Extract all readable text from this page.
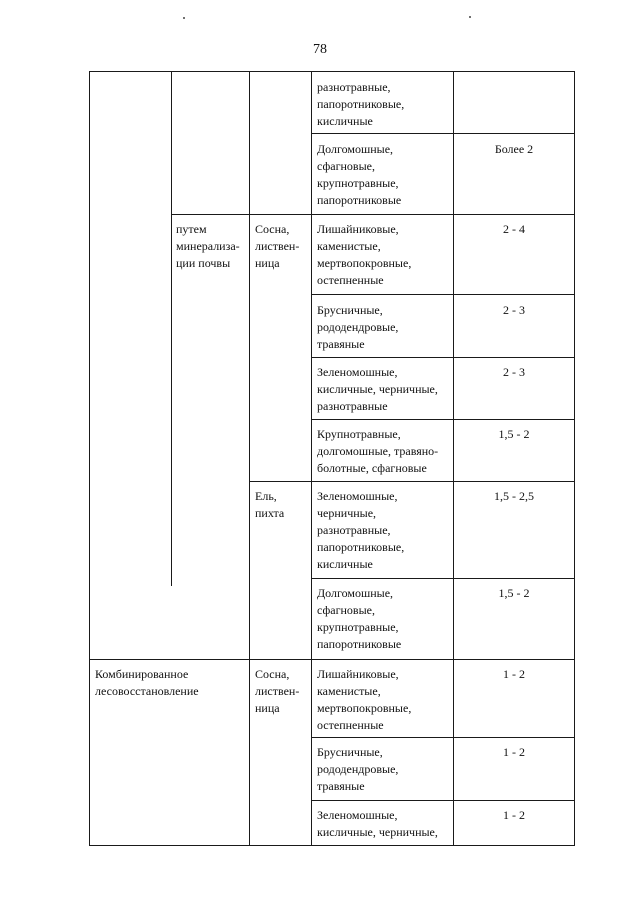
78
путем
минерализа-
ции почвы
Комбинированное
лесовосстановление
Сосна,
листвен-
ница
Ель,
пихта
Сосна,
листвен-
ница
разнотравные,
папоротниковые,
кисличные
Долгомошные,
сфагновые,
крупнотравные,
папоротниковые
Лишайниковые,
каменистые,
мертвопокровные,
остепненные
Брусничные,
рододендровые,
травяные
Зеленомошные,
кисличные, черничные,
разнотравные
Крупнотравные,
долгомошные, травяно-
болотные, сфагновые
Зеленомошные,
черничные,
разнотравные,
папоротниковые,
кисличные
Долгомошные,
сфагновые,
крупнотравные,
папоротниковые
Лишайниковые,
каменистые,
мертвопокровные,
остепненные
Брусничные,
рододендровые,
травяные
Зеленомошные,
кисличные, черничные,
Более 2
2 - 4
2 - 3
2 - 3
1,5 - 2
1,5 - 2,5
1,5 - 2
1 - 2
1 - 2
1 - 2
